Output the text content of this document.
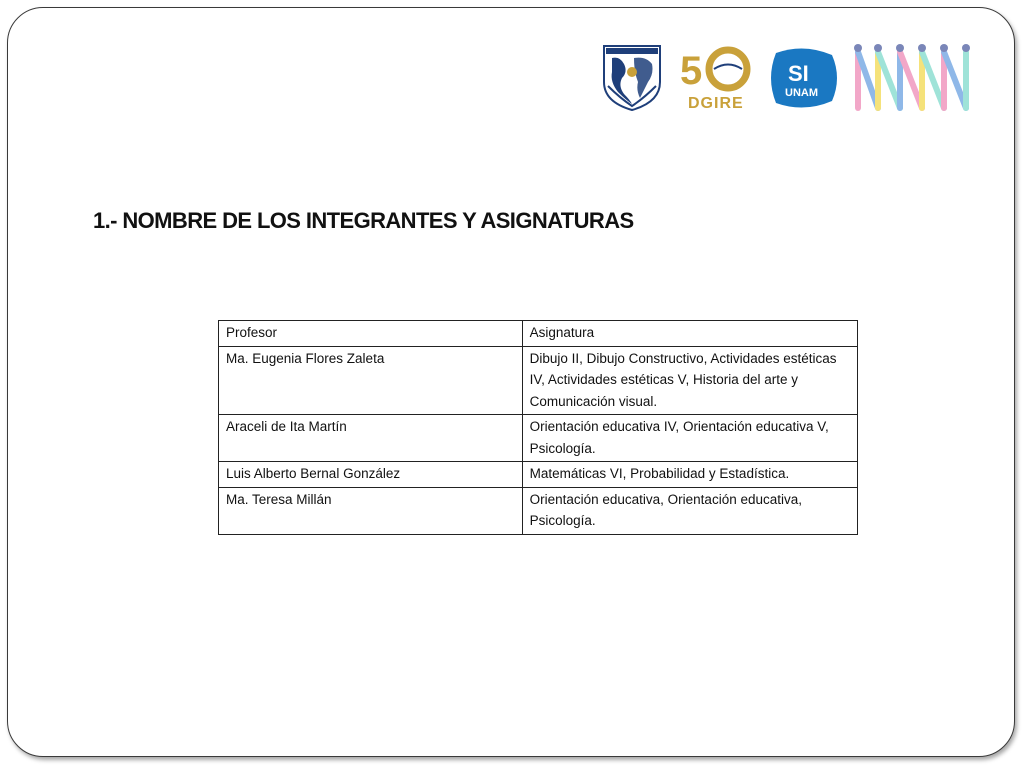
5
DGIRE
SI
UNAM
1.- NOMBRE DE LOS INTEGRANTES Y ASIGNATURAS
Profesor	Asignatura
Ma. Eugenia Flores Zaleta	Dibujo II, Dibujo Constructivo, Actividades estéticas IV, Actividades estéticas V, Historia del arte y Comunicación visual.
Araceli de Ita Martín	Orientación educativa IV, Orientación educativa V, Psicología.
Luis Alberto Bernal González	Matemáticas VI, Probabilidad y Estadística.
Ma. Teresa Millán	Orientación educativa, Orientación educativa, Psicología.
